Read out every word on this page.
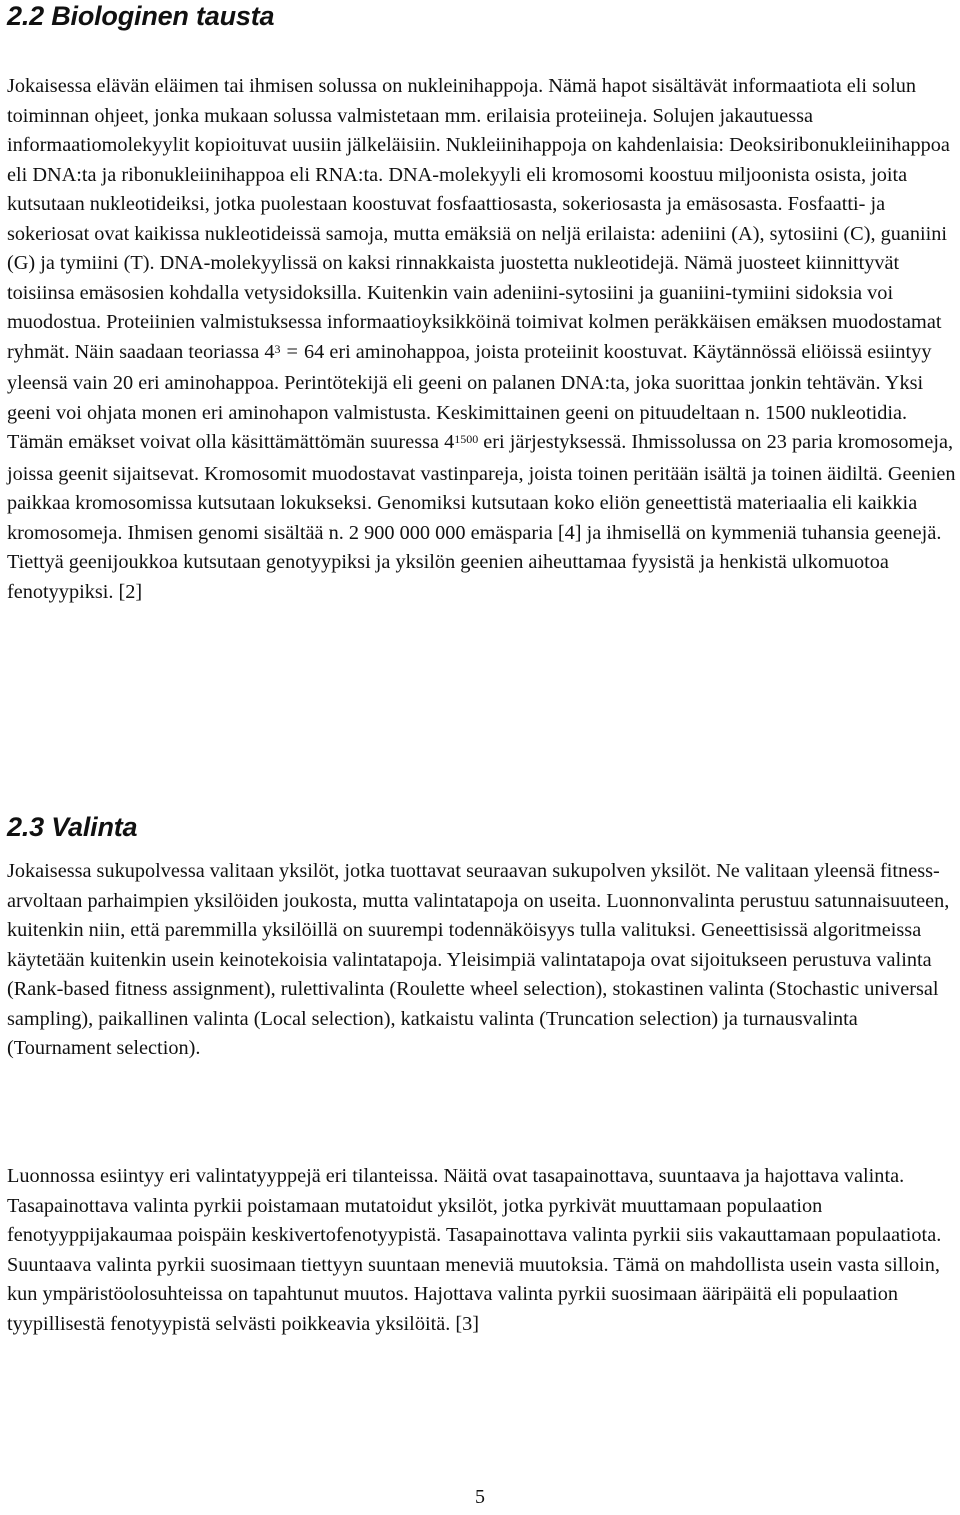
2.2 Biologinen tausta

Jokaisessa elävän eläimen tai ihmisen solussa on nukleinihappoja. Nämä hapot sisältävät informaatiota eli solun toiminnan ohjeet, jonka mukaan solussa valmistetaan mm. erilaisia proteiineja. Solujen jakautuessa informaatiomolekyylit kopioituvat uusiin jälkeläisiin. Nukleiinihappoja on kahdenlaisia: Deoksiribonukleiinihappoa eli DNA:ta ja ribonukleiinihappoa eli RNA:ta. DNA-molekyyli eli kromosomi koostuu miljoonista osista, joita kutsutaan nukleotideiksi, jotka puolestaan koostuvat fosfaattiosasta, sokeriosasta ja emäsosasta. Fosfaatti- ja sokeriosat ovat kaikissa nukleotideissä samoja, mutta emäksiä on neljä erilaista: adeniini (A), sytosiini (C), guaniini (G) ja tymiini (T). DNA-molekyylissä on kaksi rinnakkaista juostetta nukleotidejä. Nämä juosteet kiinnittyvät toisiinsa emäsosien kohdalla vetysidoksilla. Kuitenkin vain adeniini-sytosiini ja guaniini-tymiini sidoksia voi muodostua. Proteiinien valmistuksessa informaatioyksikköinä toimivat kolmen peräkkäisen emäksen muodostamat ryhmät. Näin saadaan teoriassa $4^3 = 64$ eri aminohappoa, joista proteiinit koostuvat. Käytännössä eliöissä esiintyy yleensä vain 20 eri aminohappoa. Perintötekijä eli geeni on palanen DNA:ta, joka suorittaa jonkin tehtävän. Yksi geeni voi ohjata monen eri aminohapon valmistusta. Keskimittainen geeni on pituudeltaan n. 1500 nukleotidia. Tämän emäkset voivat olla käsittämättömän suuressa $4^{1500}$ eri järjestyksessä. Ihmissolussa on 23 paria kromosomeja, joissa geenit sijaitsevat. Kromosomit muodostavat vastinpareja, joista toinen peritään isältä ja toinen äidiltä. Geenien paikkaa kromosomissa kutsutaan lokukseksi. Genomiksi kutsutaan koko eliön geneettistä materiaalia eli kaikkia kromosomeja. Ihmisen genomi sisältää n. 2 900 000 000 emäsparia [4] ja ihmisellä on kymmeniä tuhansia geenejä. Tiettyä geenijoukkoa kutsutaan genotyypiksi ja yksilön geenien aiheuttamaa fyysistä ja henkistä ulkomuotoa fenotyypiksi. [2]

2.3 Valinta

Jokaisessa sukupolvessa valitaan yksilöt, jotka tuottavat seuraavan sukupolven yksilöt. Ne valitaan yleensä fitness-arvoltaan parhaimpien yksilöiden joukosta, mutta valintatapoja on useita. Luonnonvalinta perustuu satunnaisuuteen, kuitenkin niin, että paremmilla yksilöillä on suurempi todennäköisyys tulla valituksi. Geneettisissä algoritmeissa käytetään kuitenkin usein keinotekoisia valintatapoja. Yleisimpiä valintatapoja ovat sijoitukseen perustuva valinta (Rank-based fitness assignment), rulettivalinta (Roulette wheel selection), stokastinen valinta (Stochastic universal sampling), paikallinen valinta (Local selection), katkaistu valinta (Truncation selection) ja turnausvalinta (Tournament selection).

Luonnossa esiintyy eri valintatyyppejä eri tilanteissa. Näitä ovat tasapainottava, suuntaava ja hajottava valinta. Tasapainottava valinta pyrkii poistamaan mutatoidut yksilöt, jotka pyrkivät muuttamaan populaation fenotyyppijakaumaa poispäin keskivertofenotyypistä. Tasapainottava valinta pyrkii siis vakauttamaan populaatiota. Suuntaava valinta pyrkii suosimaan tiettyyn suuntaan meneviä muutoksia. Tämä on mahdollista usein vasta silloin, kun ympäristöolosuhteissa on tapahtunut muutos. Hajottava valinta pyrkii suosimaan ääripäitä eli populaation tyypillisestä fenotyypistä selvästi poikkeavia yksilöitä. [3]

5
